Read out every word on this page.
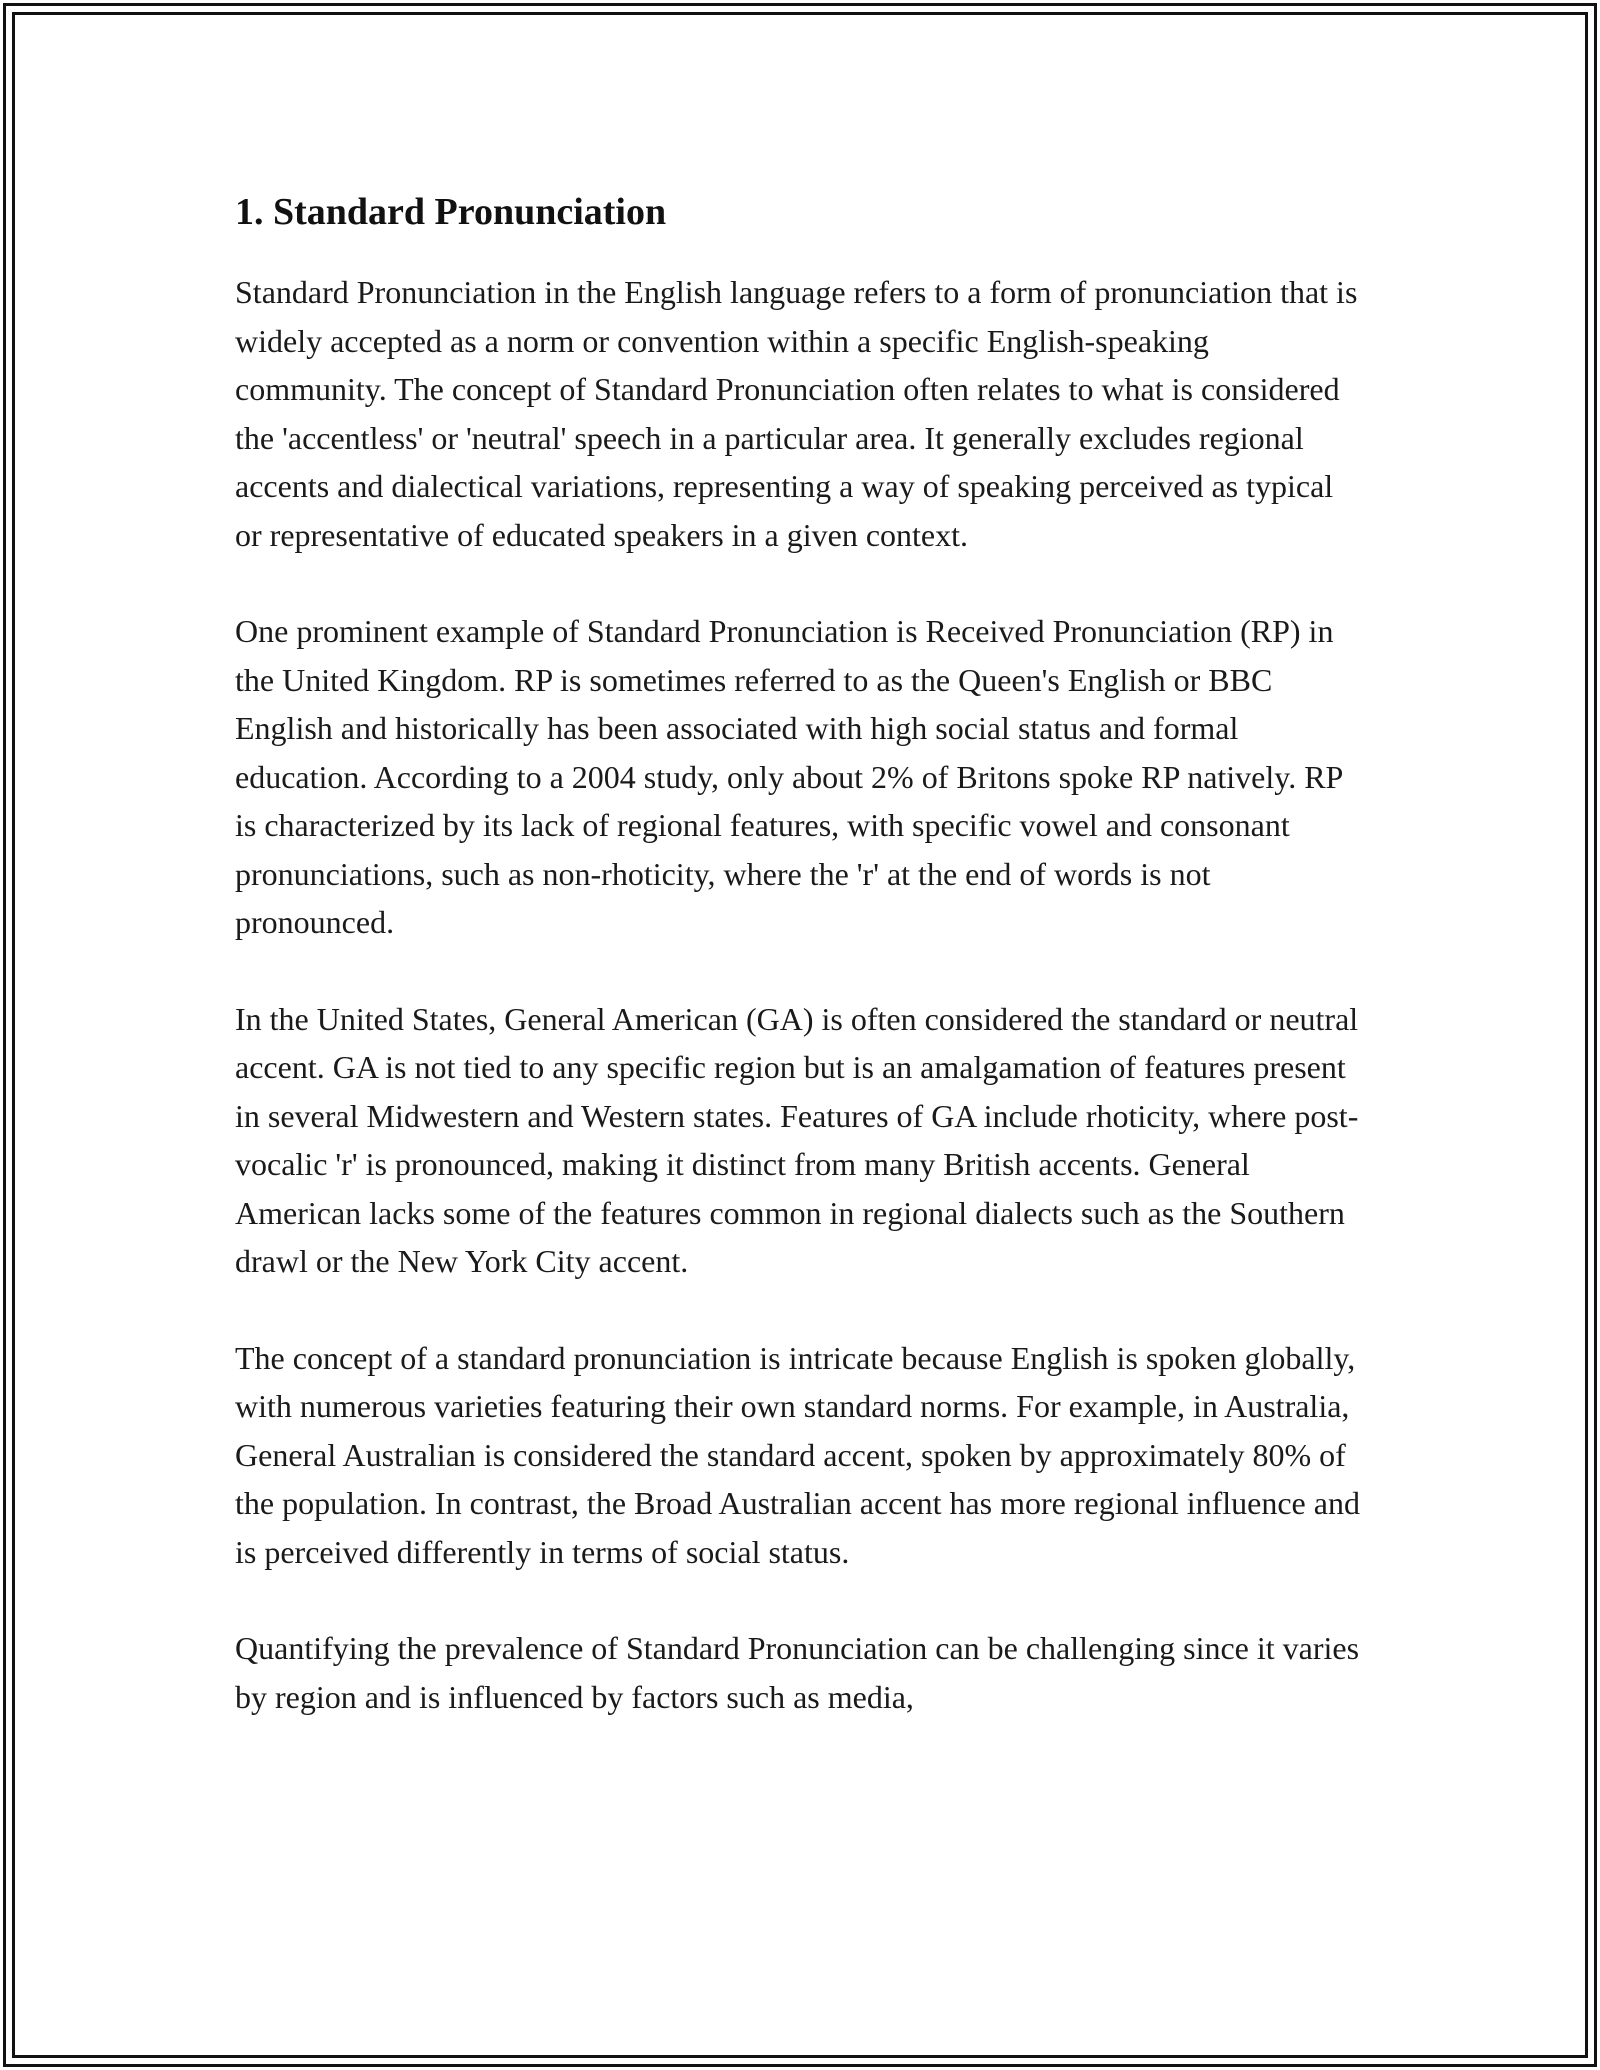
1. Standard Pronunciation

Standard Pronunciation in the English language refers to a form of pronunciation that is widely accepted as a norm or convention within a specific English-speaking community. The concept of Standard Pronunciation often relates to what is considered the 'accentless' or 'neutral' speech in a particular area. It generally excludes regional accents and dialectical variations, representing a way of speaking perceived as typical or representative of educated speakers in a given context.

One prominent example of Standard Pronunciation is Received Pronunciation (RP) in the United Kingdom. RP is sometimes referred to as the Queen's English or BBC English and historically has been associated with high social status and formal education. According to a 2004 study, only about 2% of Britons spoke RP natively. RP is characterized by its lack of regional features, with specific vowel and consonant pronunciations, such as non-rhoticity, where the 'r' at the end of words is not pronounced.

In the United States, General American (GA) is often considered the standard or neutral accent. GA is not tied to any specific region but is an amalgamation of features present in several Midwestern and Western states. Features of GA include rhoticity, where post-vocalic 'r' is pronounced, making it distinct from many British accents. General American lacks some of the features common in regional dialects such as the Southern drawl or the New York City accent.

The concept of a standard pronunciation is intricate because English is spoken globally, with numerous varieties featuring their own standard norms. For example, in Australia, General Australian is considered the standard accent, spoken by approximately 80% of the population. In contrast, the Broad Australian accent has more regional influence and is perceived differently in terms of social status.

Quantifying the prevalence of Standard Pronunciation can be challenging since it varies by region and is influenced by factors such as media,
